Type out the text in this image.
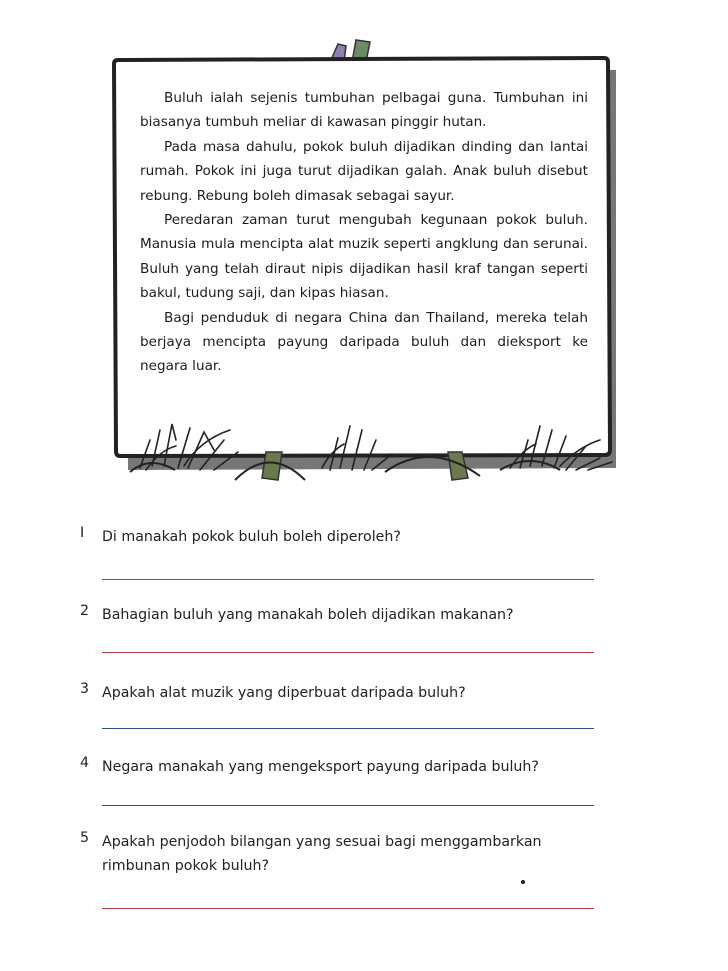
Buluh ialah sejenis tumbuhan pelbagai guna. Tumbuhan ini biasanya tumbuh meliar di kawasan pinggir hutan.

Pada masa dahulu, pokok buluh dijadikan dinding dan lantai rumah. Pokok ini juga turut dijadikan galah. Anak buluh disebut rebung. Rebung boleh dimasak sebagai sayur.

Peredaran zaman turut mengubah kegunaan pokok buluh. Manusia mula mencipta alat muzik seperti angklung dan serunai. Buluh yang telah diraut nipis dijadikan hasil kraf tangan seperti bakul, tudung saji, dan kipas hiasan.

Bagi penduduk di negara China dan Thailand, mereka telah berjaya mencipta payung daripada buluh dan dieksport ke negara luar.

I	Di manakah pokok buluh boleh diperoleh?
2 Bahagian buluh yang manakah boleh dijadikan makanan?
3 Apakah alat muzik yang diperbuat daripada buluh?
4 Negara manakah yang mengeksport payung daripada buluh?
5 Apakah penjodoh bilangan yang sesuai bagi menggambarkan rimbunan pokok buluh?
